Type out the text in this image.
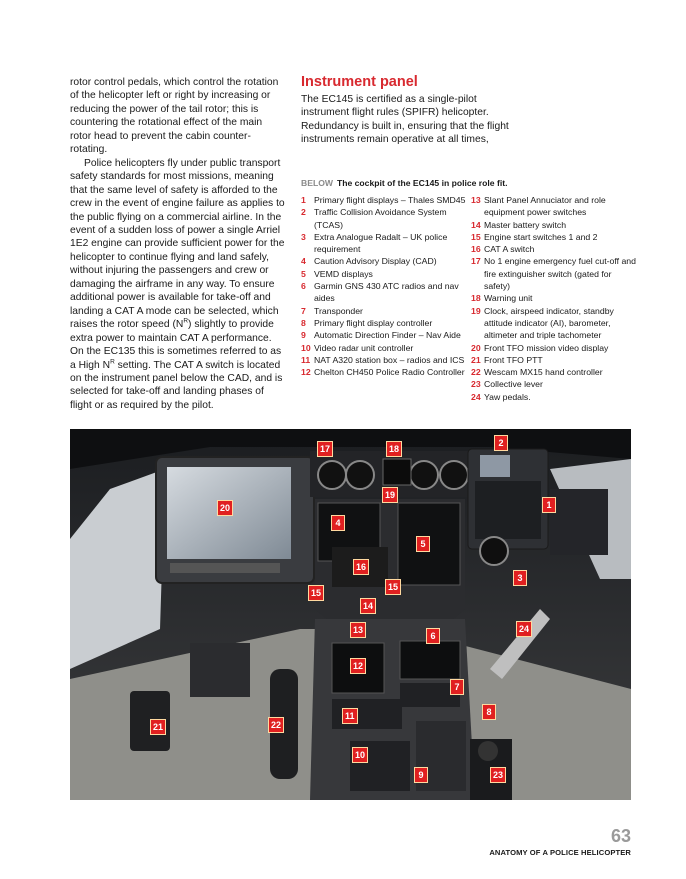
rotor control pedals, which control the rotation of the helicopter left or right by increasing or reducing the power of the tail rotor; this is countering the rotational effect of the main rotor head to prevent the cabin counter-rotating.

Police helicopters fly under public transport safety standards for most missions, meaning that the same level of safety is afforded to the crew in the event of engine failure as applies to the public flying on a commercial airline. In the event of a sudden loss of power a single Arriel 1E2 engine can provide sufficient power for the helicopter to continue flying and land safely, without injuring the passengers and crew or damaging the airframe in any way. To ensure additional power is available for take-off and landing a CAT A mode can be selected, which raises the rotor speed $(N^R)$ slightly to provide extra power to maintain CAT A performance. On the EC135 this is sometimes referred to as a High $N^R$ setting. The CAT A switch is located on the instrument panel below the CAD, and is selected for take-off and landing phases of flight or as required by the pilot.

Instrument panel

The EC145 is certified as a single-pilot instrument flight rules (SPIFR) helicopter. Redundancy is built in, ensuring that the flight instruments remain operative at all times,

BELOW The cockpit of the EC145 in police role fit.
1 Primary flight displays – Thales SMD45
2 Traffic Collision Avoidance System (TCAS)
3 Extra Analogue Radalt – UK police requirement
4 Caution Advisory Display (CAD)
5 VEMD displays
6 Garmin GNS 430 ATC radios and nav aides
7 Transponder
8 Primary flight display controller
9 Automatic Direction Finder – Nav Aide
10 Video radar unit controller
11 NAT A320 station box – radios and ICS
12 Chelton CH450 Police Radio Controller
13 Slant Panel Annuciator and role equipment power switches
14 Master battery switch
15 Engine start switches 1 and 2
16 CAT A switch
17 No 1 engine emergency fuel cut-off and fire extinguisher switch (gated for safety)
18 Warning unit
19 Clock, airspeed indicator, standby attitude indicator (AI), barometer, altimeter and triple tachometer
20 Front TFO mission video display
21 Front TFO PTT
22 Wescam MX15 hand controller
23 Collective lever
24 Yaw pedals.
17	18
2
1
20
19
4
5
16
15
15
14
3
24
13
6
12
7
8
11
22
21
10
9	23
63
ANATOMY OF A POLICE HELICOPTER
